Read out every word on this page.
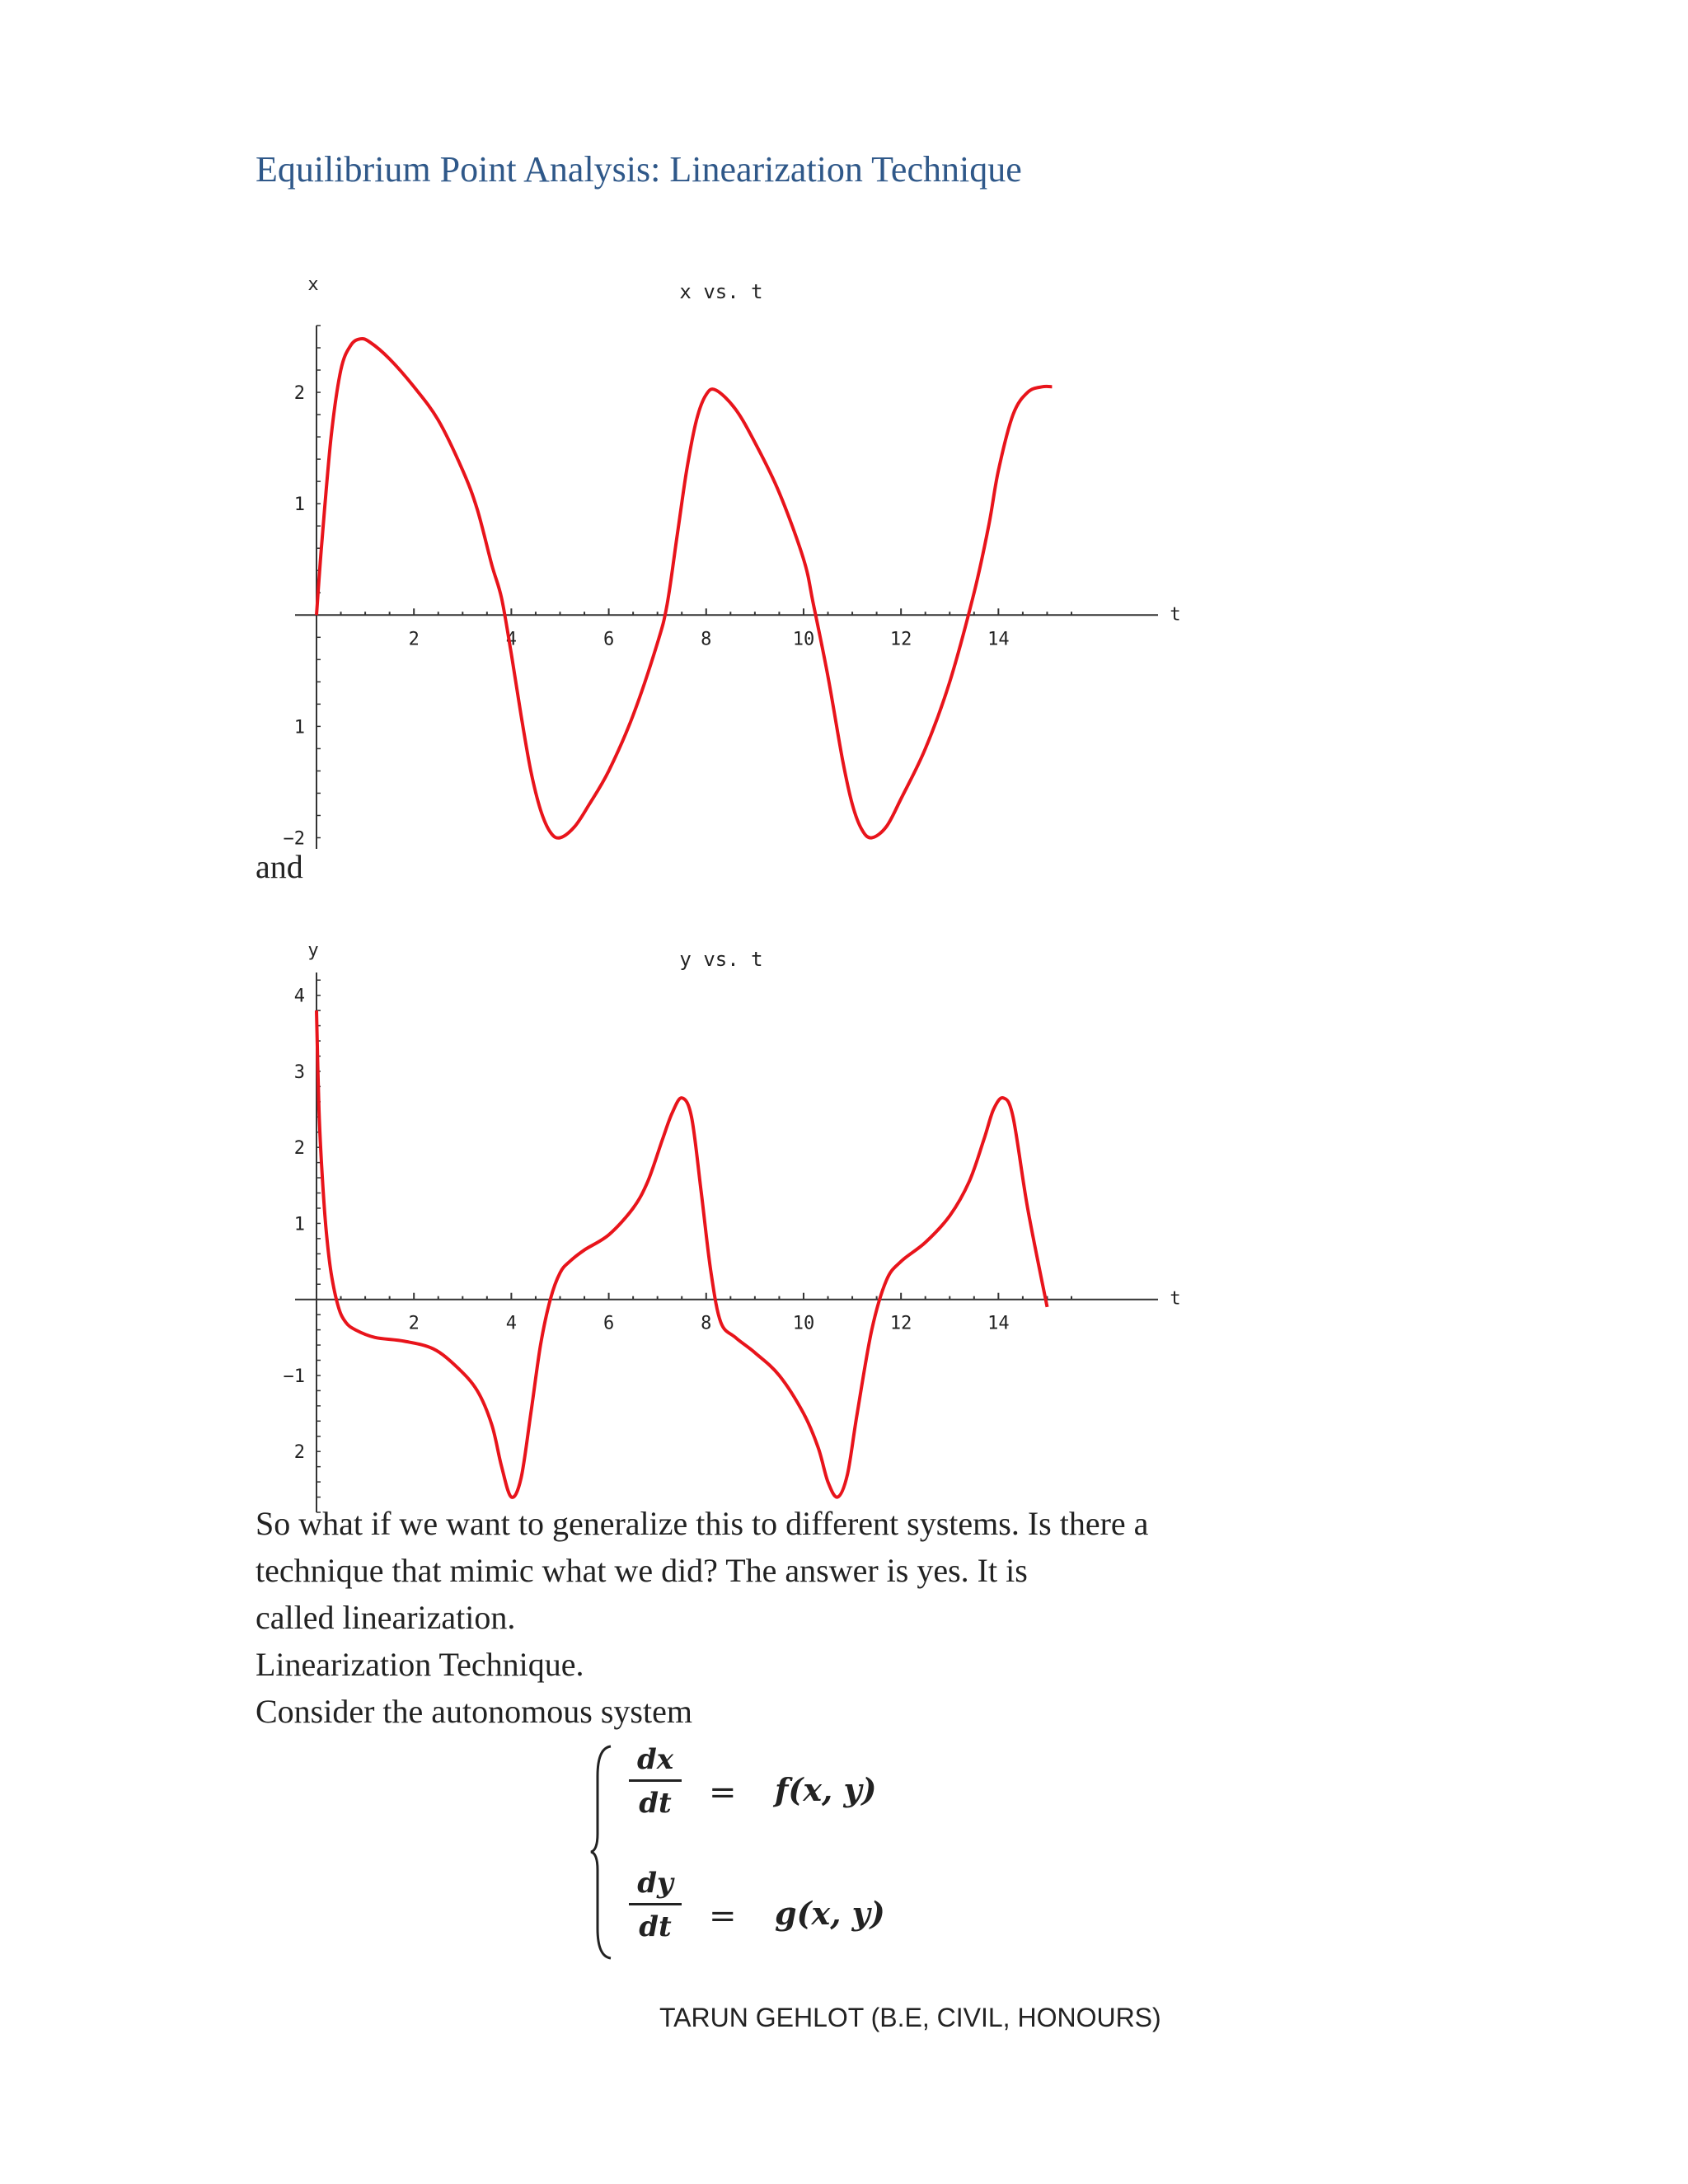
Equilibrium Point Analysis: Linearization Technique
2	4	6	8	10	12	14
2
1
1
−2
x
t
x vs. t

and

2	4	6	8	10	12	14
4
3
2
1
−1
2
y
t
y vs. t

So what if we want to generalize this to different systems. Is there a
technique that mimic what we did? The answer is yes. It is
called linearization.
Linearization Technique.
Consider the autonomous system

dx
dt	= f(x, y)
dy
dt	= g(x, y)
TARUN GEHLOT (B.E, CIVIL, HONOURS)
